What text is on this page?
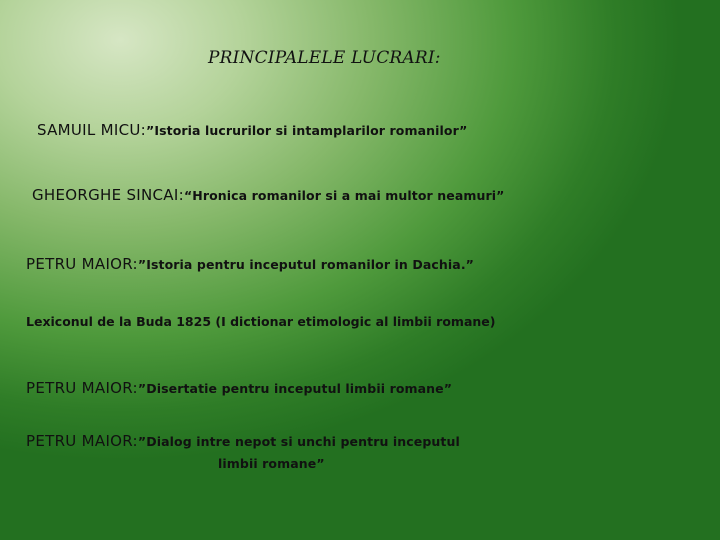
PRINCIPALELE LUCRARI:
SAMUIL MICU:”Istoria lucrurilor si intamplarilor romanilor”
GHEORGHE SINCAI:“Hronica romanilor si a mai multor neamuri”
PETRU MAIOR:”Istoria pentru inceputul romanilor in Dachia.”
Lexiconul de la Buda 1825 (I dictionar etimologic al limbii romane)
PETRU MAIOR:”Disertatie pentru inceputul limbii romane”
PETRU MAIOR:”Dialog intre nepot si unchi pentru inceputul
limbii romane”
